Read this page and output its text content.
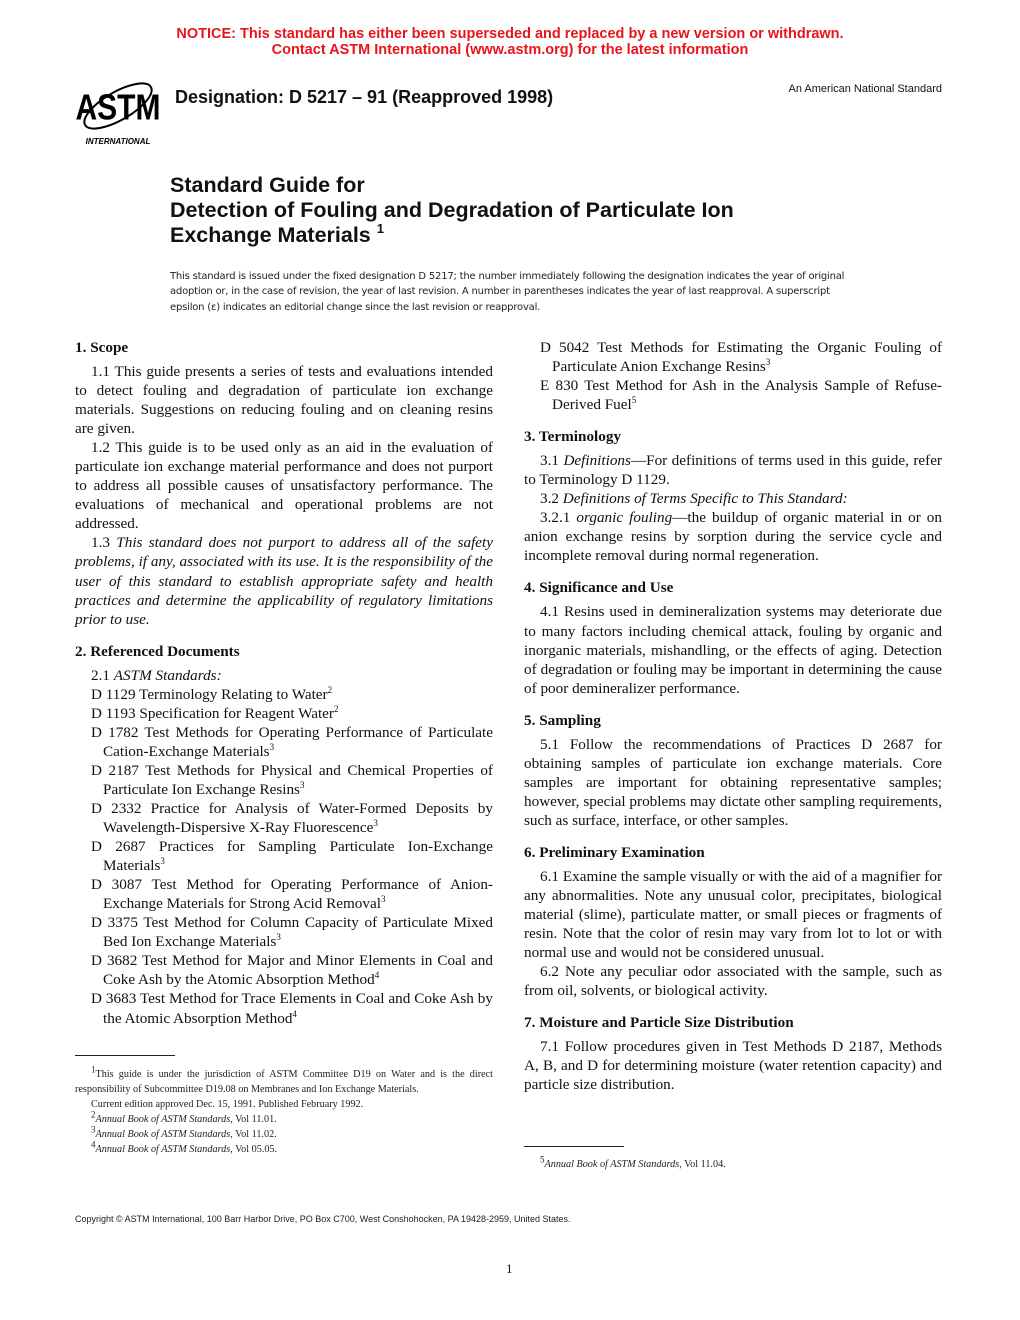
NOTICE: This standard has either been superseded and replaced by a new version or withdrawn.
Contact ASTM International (www.astm.org) for the latest information
ASTM
INTERNATIONAL
Designation: D 5217 – 91 (Reapproved 1998)	An American National Standard
Standard Guide for
Detection of Fouling and Degradation of Particulate Ion
Exchange Materials $^1$
This standard is issued under the fixed designation D 5217; the number immediately following the designation indicates the year of original adoption or, in the case of revision, the year of last revision. A number in parentheses indicates the year of last reapproval. A superscript epsilon (ε) indicates an editorial change since the last revision or reapproval.
1. Scope

1.1 This guide presents a series of tests and evaluations intended to detect fouling and degradation of particulate ion exchange materials. Suggestions on reducing fouling and on cleaning resins are given.

1.2 This guide is to be used only as an aid in the evaluation of particulate ion exchange material performance and does not purport to address all possible causes of unsatisfactory performance. The evaluations of mechanical and operational problems are not addressed.

1.3 This standard does not purport to address all of the safety problems, if any, associated with its use. It is the responsibility of the user of this standard to establish appropriate safety and health practices and determine the applicability of regulatory limitations prior to use.

2. Referenced Documents

2.1 ASTM Standards:

D 1129 Terminology Relating to Water$^2$

D 1193 Specification for Reagent Water$^2$

D 1782 Test Methods for Operating Performance of Particulate Cation-Exchange Materials$^3$

D 2187 Test Methods for Physical and Chemical Properties of Particulate Ion Exchange Resins$^3$

D 2332 Practice for Analysis of Water-Formed Deposits by Wavelength-Dispersive X-Ray Fluorescence$^3$

D 2687 Practices for Sampling Particulate Ion-Exchange Materials$^3$

D 3087 Test Method for Operating Performance of Anion-Exchange Materials for Strong Acid Removal$^3$

D 3375 Test Method for Column Capacity of Particulate Mixed Bed Ion Exchange Materials$^3$

D 3682 Test Method for Major and Minor Elements in Coal and Coke Ash by the Atomic Absorption Method$^4$

D 3683 Test Method for Trace Elements in Coal and Coke Ash by the Atomic Absorption Method$^4$

D 5042 Test Methods for Estimating the Organic Fouling of Particulate Anion Exchange Resins$^3$

E 830 Test Method for Ash in the Analysis Sample of Refuse-Derived Fuel$^5$

3. Terminology

3.1 Definitions—For definitions of terms used in this guide, refer to Terminology D 1129.

3.2 Definitions of Terms Specific to This Standard:

3.2.1 organic fouling—the buildup of organic material in or on anion exchange resins by sorption during the service cycle and incomplete removal during normal regeneration.

4. Significance and Use

4.1 Resins used in demineralization systems may deteriorate due to many factors including chemical attack, fouling by organic and inorganic materials, mishandling, or the effects of aging. Detection of degradation or fouling may be important in determining the cause of poor demineralizer performance.

5. Sampling

5.1 Follow the recommendations of Practices D 2687 for obtaining samples of particulate ion exchange materials. Core samples are important for obtaining representative samples; however, special problems may dictate other sampling requirements, such as surface, interface, or other samples.

6. Preliminary Examination

6.1 Examine the sample visually or with the aid of a magnifier for any abnormalities. Note any unusual color, precipitates, biological material (slime), particulate matter, or small pieces or fragments of resin. Note that the color of resin may vary from lot to lot or with normal use and would not be considered unusual.

6.2 Note any peculiar odor associated with the sample, such as from oil, solvents, or biological activity.

7. Moisture and Particle Size Distribution

7.1 Follow procedures given in Test Methods D 2187, Methods A, B, and D for determining moisture (water retention capacity) and particle size distribution.

$^1$This guide is under the jurisdiction of ASTM Committee D19 on Water and is the direct responsibility of Subcommittee D19.08 on Membranes and Ion Exchange Materials.

Current edition approved Dec. 15, 1991. Published February 1992.

$^2$Annual Book of ASTM Standards, Vol 11.01.

$^3$Annual Book of ASTM Standards, Vol 11.02.

$^4$Annual Book of ASTM Standards, Vol 05.05.

$^5$Annual Book of ASTM Standards, Vol 11.04.

Copyright © ASTM International, 100 Barr Harbor Drive, PO Box C700, West Conshohocken, PA 19428-2959, United States.
1
